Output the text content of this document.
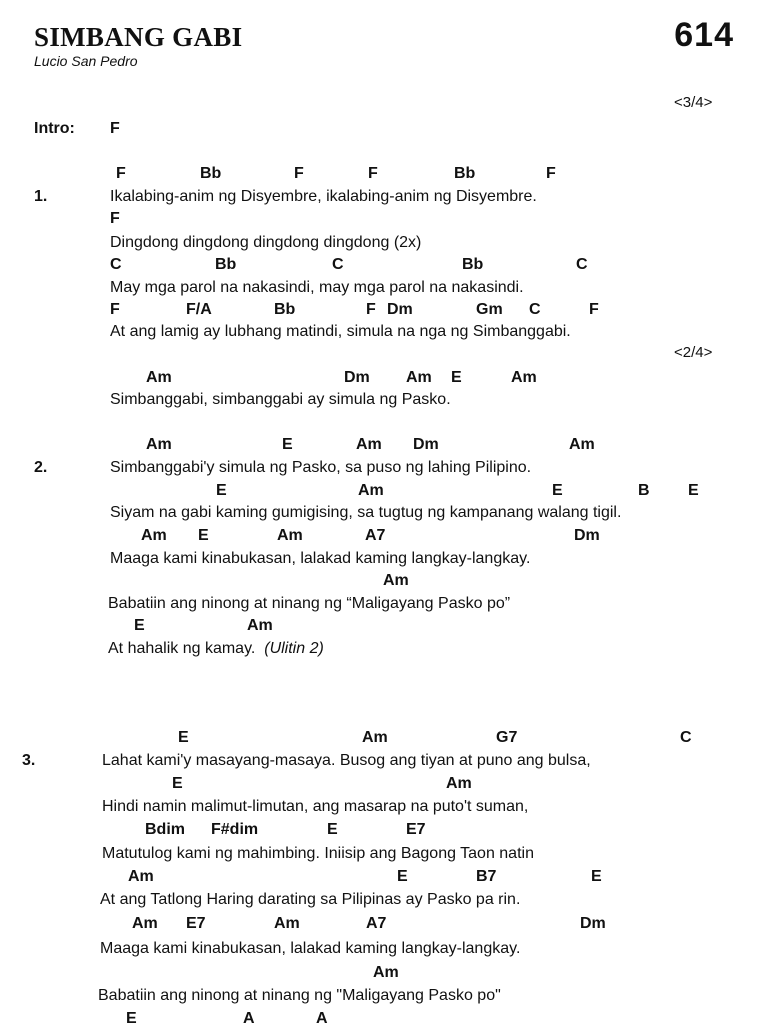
SIMBANG GABI
Lucio San Pedro
614
<3/4>
Intro: F
1.
F	Bb	F	F	Bb	F
Ikalabing-anim ng Disyembre, ikalabing-anim ng Disyembre.
F
Dingdong dingdong dingdong dingdong (2x)
C	Bb	C	Bb	C
May mga parol na nakasindi, may mga parol na nakasindi.
F	F/A	Bb	F Dm	Gm C	F
At ang lamig ay lubhang matindi, simula na nga ng Simbanggabi.
<2/4>
Am	Dm Am E	Am
Simbanggabi, simbanggabi ay simula ng Pasko.
2.
Am	E	Am Dm	Am
Simbanggabi'y simula ng Pasko, sa puso ng lahing Pilipino.
E	Am	E	B E
Siyam na gabi kaming gumigising, sa tugtug ng kampanang walang tigil.
Am E	Am	A7	Dm
Maaga kami kinabukasan, lalakad kaming langkay-langkay.
Am
Babatiin ang ninong at ninang ng “Maligayang Pasko po”
E	Am
At hahalik ng kamay. (Ulitin 2)
3.
E	Am	G7	C
Lahat kami'y masayang-masaya. Busog ang tiyan at puno ang bulsa,
E	Am
Hindi namin malimut-limutan, ang masarap na puto't suman,
Bdim F#dim	E	E7
Matutulog kami ng mahimbing. Iniisip ang Bagong Taon natin
Am	E	B7	E
At ang Tatlong Haring darating sa Pilipinas ay Pasko pa rin.
Am E7	Am	A7	Dm
Maaga kami kinabukasan, lalakad kaming langkay-langkay.
Am
Babatiin ang ninong at ninang ng "Maligayang Pasko po"
E	A	A
